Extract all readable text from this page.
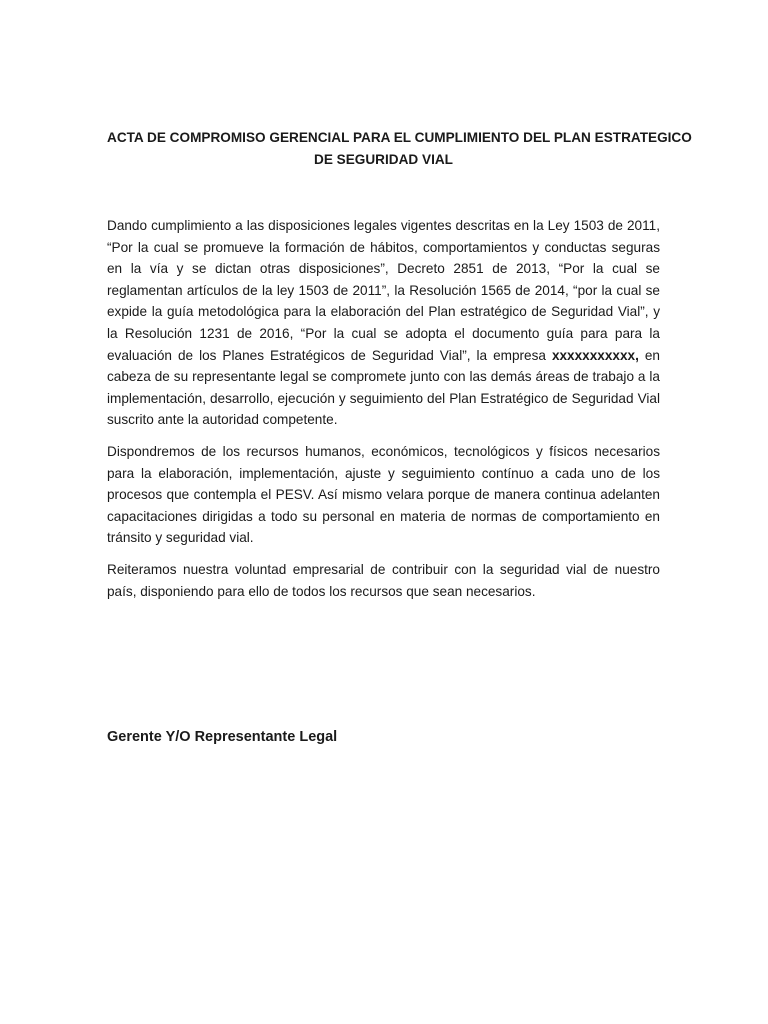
ACTA DE COMPROMISO GERENCIAL PARA EL CUMPLIMIENTO DEL PLAN ESTRATEGICO
DE SEGURIDAD VIAL

Dando cumplimiento a las disposiciones legales vigentes descritas en la Ley 1503 de 2011, “Por la cual se promueve la formación de hábitos, comportamientos y conductas seguras en la vía y se dictan otras disposiciones”, Decreto 2851 de 2013, “Por la cual se reglamentan artículos de la ley 1503 de 2011”, la Resolución 1565 de 2014, “por la cual se expide la guía metodológica para la elaboración del Plan estratégico de Seguridad Vial”, y la Resolución 1231 de 2016, “Por la cual se adopta el documento guía para para la evaluación de los Planes Estratégicos de Seguridad Vial”, la empresa xxxxxxxxxxx, en cabeza de su representante legal se compromete junto con las demás áreas de trabajo a la implementación, desarrollo, ejecución y seguimiento del Plan Estratégico de Seguridad Vial suscrito ante la autoridad competente.

Dispondremos de los recursos humanos, económicos, tecnológicos y físicos necesarios para la elaboración, implementación, ajuste y seguimiento contínuo a cada uno de los procesos que contempla el PESV. Así mismo velara porque de manera continua adelanten capacitaciones dirigidas a todo su personal en materia de normas de comportamiento en tránsito y seguridad vial.

Reiteramos nuestra voluntad empresarial de contribuir con la seguridad vial de nuestro país, disponiendo para ello de todos los recursos que sean necesarios.

Gerente Y/O Representante Legal
